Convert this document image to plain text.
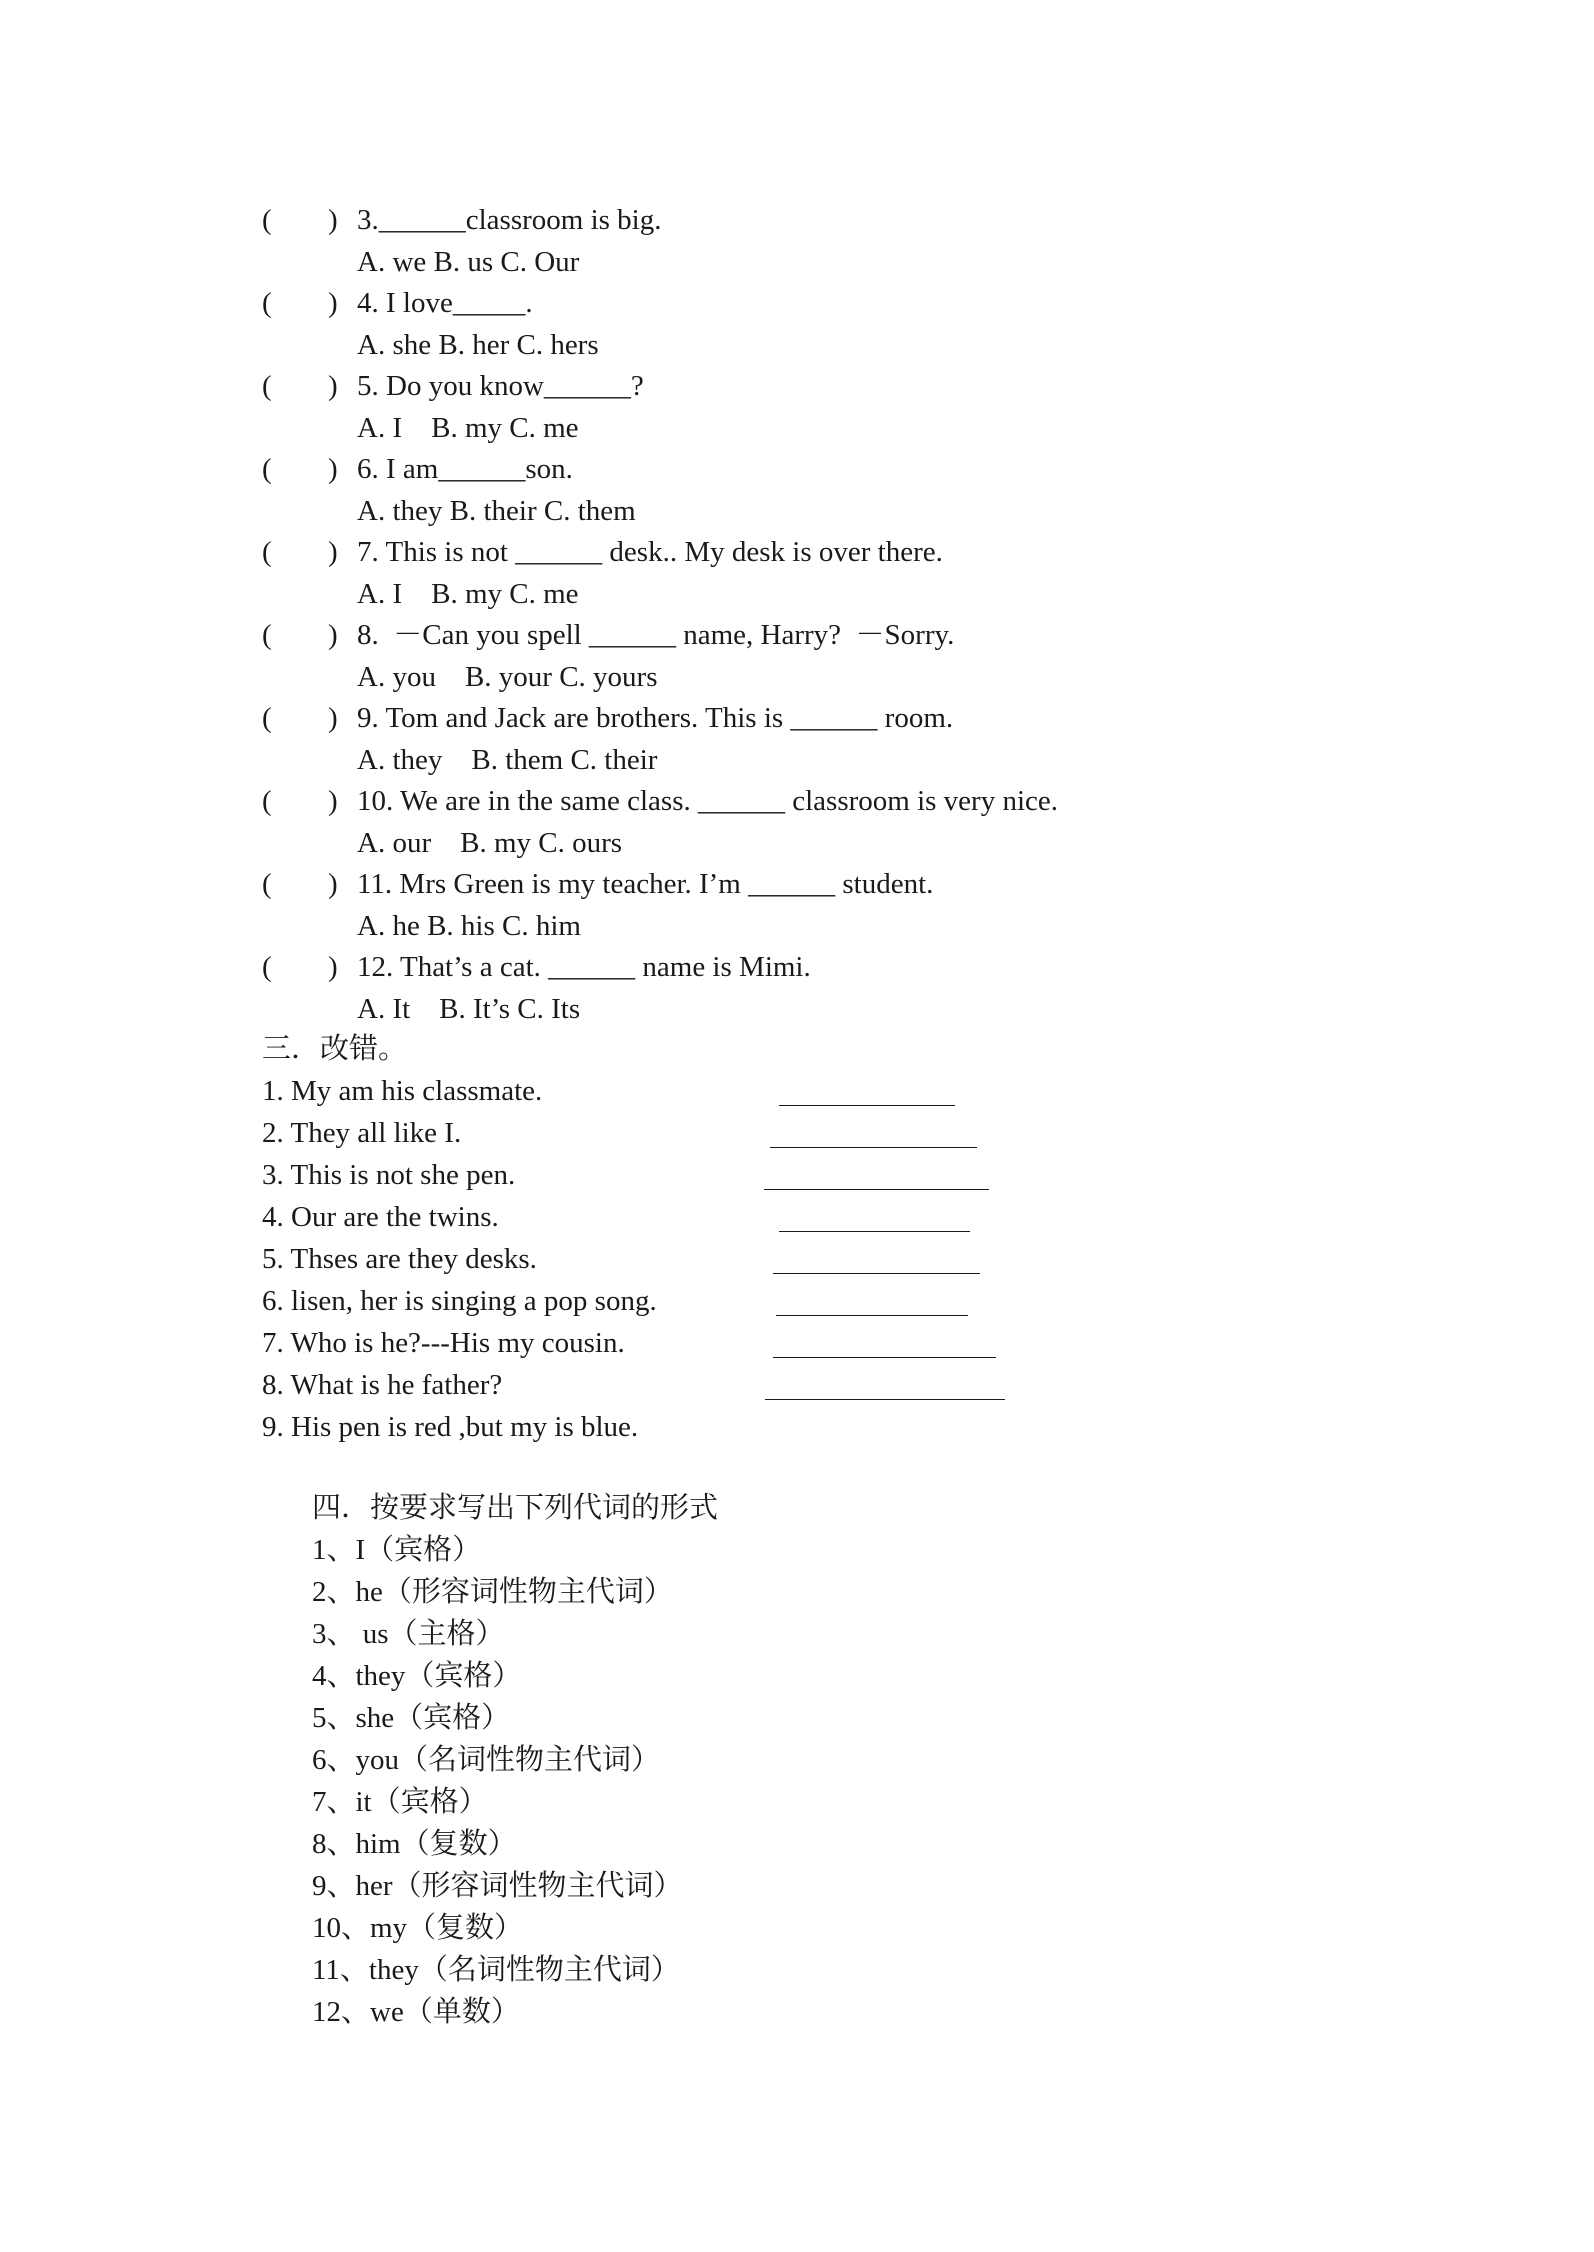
( ) 3.______classroom is big.
A. we B. us C. Our
( ) 4. I love_____.
A. she B. her C. hers
( ) 5. Do you know______?
A. I    B. my C. me
( ) 6. I am______son.
A. they B. their C. them
( ) 7. This is not ______ desk.. My desk is over there.
A. I    B. my C. me
( ) 8.  －Can you spell ______ name, Harry?  －Sorry.
A. you    B. your C. yours
( ) 9. Tom and Jack are brothers. This is ______ room.
A. they    B. them C. their
( ) 10. We are in the same class. ______ classroom is very nice.
A. our    B. my C. ours
( ) 11. Mrs Green is my teacher. I’m ______ student.
A. he B. his C. him
( ) 12. That’s a cat. ______ name is Mimi.
A. It    B. It’s C. Its
三．改错。
1. My am his classmate.
2. They all like I.
3. This is not she pen.
4. Our are the twins.
5. Thses are they desks.
6. lisen, her is singing a pop song.
7. Who is he?---His my cousin.
8. What is he father?
9. His pen is red ,but my is blue.
四．按要求写出下列代词的形式
1、I（宾格）
2、he（形容词性物主代词）
3、 us（主格）
4、they（宾格）
5、she（宾格）
6、you（名词性物主代词）
7、it（宾格）
8、him（复数）
9、her（形容词性物主代词）
10、my（复数）
11、they（名词性物主代词）
12、we（单数）
